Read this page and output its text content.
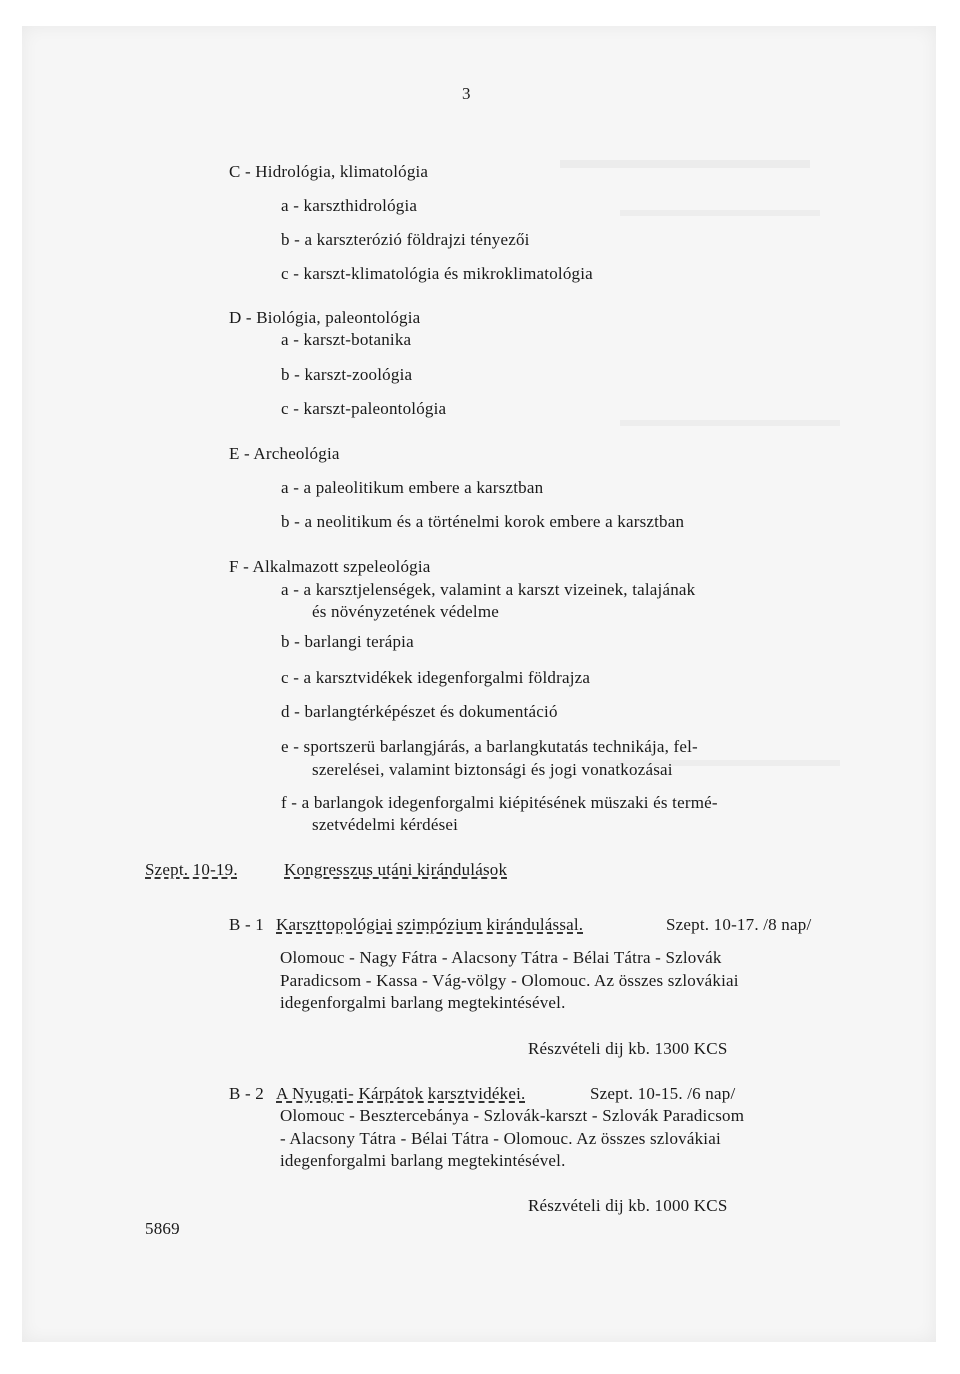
3
C - Hidrológia, klimatológia
a - karszthidrológia
b - a karszterózió földrajzi tényezői
c - karszt-klimatológia és mikroklimatológia
D - Biológia, paleontológia
a - karszt-botanika
b - karszt-zoológia
c - karszt-paleontológia
E - Archeológia
a - a paleolitikum embere a karsztban
b - a neolitikum és a történelmi korok embere a karsztban
F - Alkalmazott szpeleológia
a - a karsztjelenségek, valamint a karszt vizeinek, talajának
és növényzetének védelme
b - barlangi terápia
c - a karsztvidékek idegenforgalmi földrajza
d - barlangtérképészet és dokumentáció
e - sportszerü barlangjárás, a barlangkutatás technikája, fel-
szerelései, valamint biztonsági és jogi vonatkozásai
f - a barlangok idegenforgalmi kiépitésének müszaki és termé-
szetvédelmi kérdései
Szept. 10-19.	Kongresszus utáni kirándulások
B - 1 Karszttopológiai szimpózium kirándulással.	Szept. 10-17. /8 nap/
Olomouc - Nagy Fátra - Alacsony Tátra - Bélai Tátra - Szlovák
Paradicsom - Kassa - Vág-völgy - Olomouc. Az összes szlovákiai
idegenforgalmi barlang megtekintésével.
Részvételi dij kb. 1300 KCS
B - 2 A Nyugati- Kárpátok karsztvidékei.	Szept. 10-15. /6 nap/
Olomouc - Besztercebánya - Szlovák-karszt - Szlovák Paradicsom
- Alacsony Tátra - Bélai Tátra - Olomouc. Az összes szlovákiai
idegenforgalmi barlang megtekintésével.
Részvételi dij kb. 1000 KCS
5869
